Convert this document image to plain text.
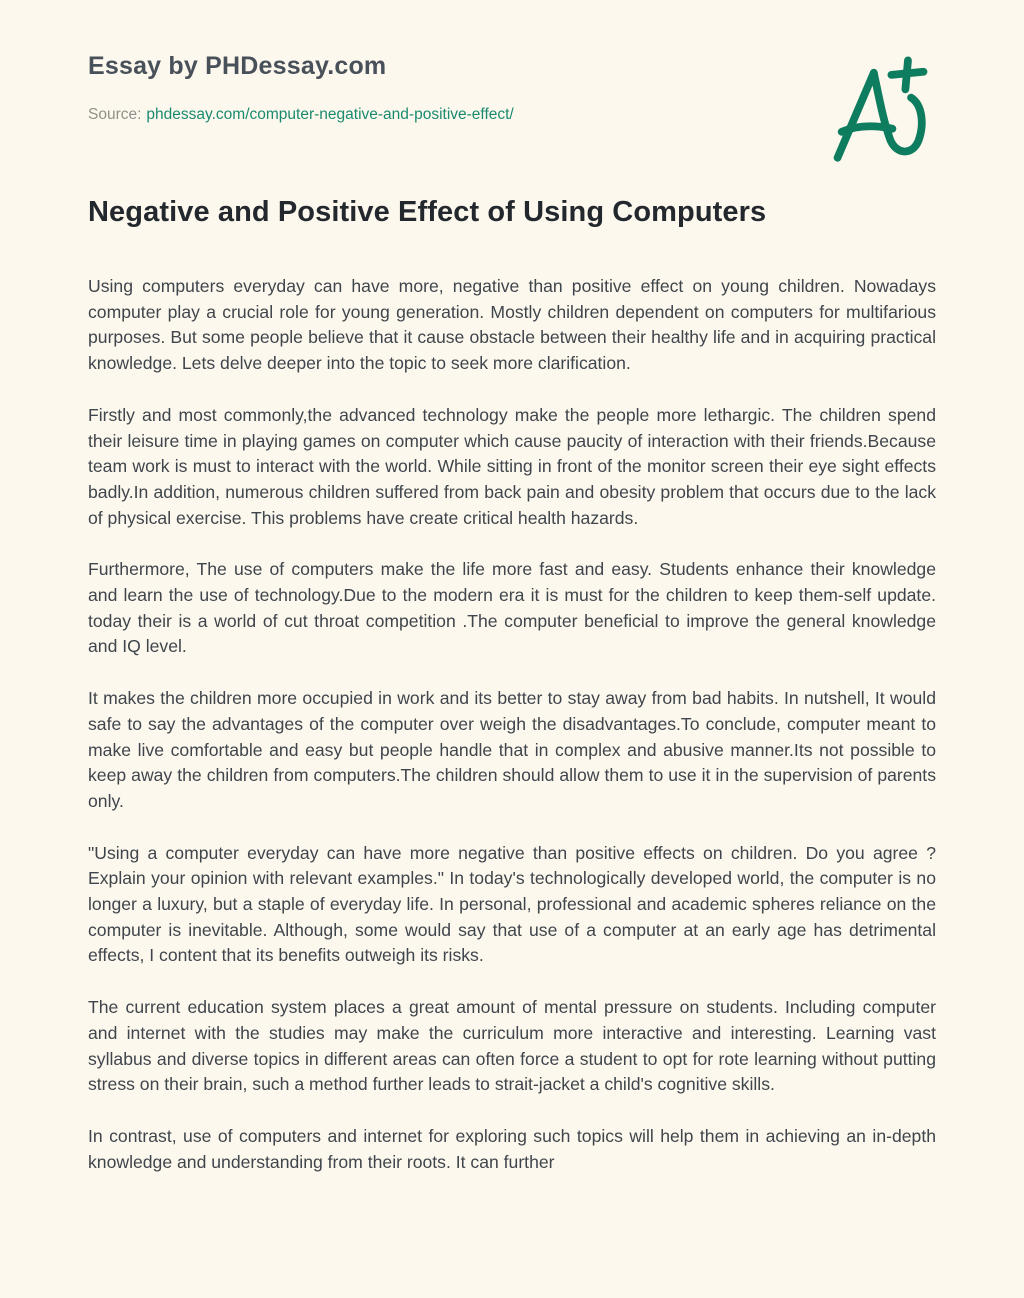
Essay by PHDessay.com

Source: phdessay.com/computer-negative-and-positive-effect/

Negative and Positive Effect of Using Computers

Using computers everyday can have more, negative than positive effect on young children. Nowadays computer play a crucial role for young generation. Mostly children dependent on computers for multifarious purposes. But some people believe that it cause obstacle between their healthy life and in acquiring practical knowledge. Lets delve deeper into the topic to seek more clarification.

Firstly and most commonly,the advanced technology make the people more lethargic. The children spend their leisure time in playing games on computer which cause paucity of interaction with their friends.Because team work is must to interact with the world. While sitting in front of the monitor screen their eye sight effects badly.In addition, numerous children suffered from back pain and obesity problem that occurs due to the lack of physical exercise. This problems have create critical health hazards.

Furthermore, The use of computers make the life more fast and easy. Students enhance their knowledge and learn the use of technology.Due to the modern era it is must for the children to keep them-self update. today their is a world of cut throat competition .The computer beneficial to improve the general knowledge and IQ level.

It makes the children more occupied in work and its better to stay away from bad habits. In nutshell, It would safe to say the advantages of the computer over weigh the disadvantages.To conclude, computer meant to make live comfortable and easy but people handle that in complex and abusive manner.Its not possible to keep away the children from computers.The children should allow them to use it in the supervision of parents only.

"Using a computer everyday can have more negative than positive effects on children. Do you agree ? Explain your opinion with relevant examples." In today's technologically developed world, the computer is no longer a luxury, but a staple of everyday life. In personal, professional and academic spheres reliance on the computer is inevitable. Although, some would say that use of a computer at an early age has detrimental effects, I content that its benefits outweigh its risks.

The current education system places a great amount of mental pressure on students. Including computer and internet with the studies may make the curriculum more interactive and interesting. Learning vast syllabus and diverse topics in different areas can often force a student to opt for rote learning without putting stress on their brain, such a method further leads to strait-jacket a child's cognitive skills.

In contrast, use of computers and internet for exploring such topics will help them in achieving an in-depth knowledge and understanding from their roots. It can further
